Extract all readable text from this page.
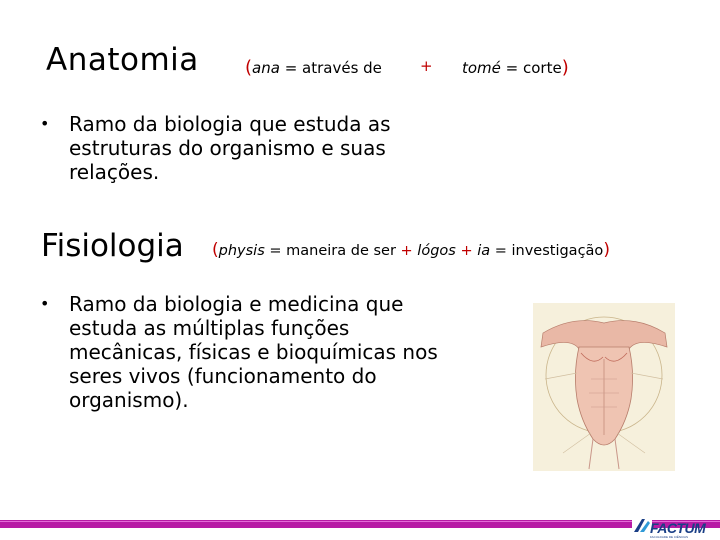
Anatomia	(ana = através de	+ tomé = corte)
• Ramo da biologia que estuda as
estruturas do organismo e suas
relações.
Fisiologia (physis = maneira de ser + lógos + ia = investigação)
• Ramo da biologia e medicina que
estuda as múltiplas funções
mecânicas, físicas e bioquímicas nos
seres vivos (funcionamento do
organismo).
FACTUM
FACULDADE DE CIÊNCIAS
